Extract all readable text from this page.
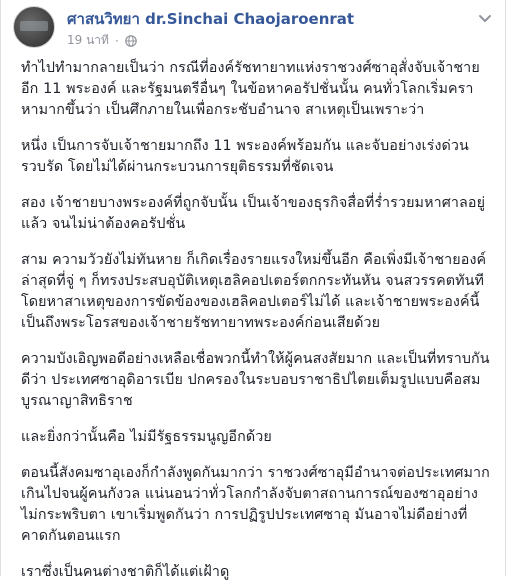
ศาสนวิทยา dr.Sinchai Chaojaroenrat
19 นาที ·

ทำไปทำมากลายเป็นว่า กรณีที่องค์รัชทายาทแห่งราชวงศ์ซาอุสั่งจับเจ้าชายอีก 11 พระองค์ และรัฐมนตรีอื่นๆ ในข้อหาคอรัปชั่นนั้น คนทั่วโลกเริ่มคราหามากขึ้นว่า เป็นศึกภายในเพื่อกระชับอำนาจ สาเหตุเป็นเพราะว่า

หนึ่ง เป็นการจับเจ้าชายมากถึง 11 พระองค์พร้อมกัน และจับอย่างเร่งด่วนรวบรัด โดยไม่ได้ผ่านกระบวนการยุติธรรมที่ชัดเจน

สอง เจ้าชายบางพระองค์ที่ถูกจับนั้น เป็นเจ้าของธุรกิจสื่อที่ร่ำรวยมหาศาลอยู่แล้ว จนไม่น่าต้องคอรัปชั่น

สาม ความวัวยังไม่ทันหาย ก็เกิดเรื่องรายแรงใหม่ขึ้นอีก คือเพิ่งมีเจ้าชายองค์ล่าสุดที่จู่ ๆ ก็ทรงประสบอุบัติเหตุเฮลิคอปเตอร์ตกกระทันหัน จนสวรรคตทันที โดยหาสาเหตุของการขัดข้องของเฮลิคอปเตอร์ไม่ได้ และเจ้าชายพระองค์นี้เป็นถึงพระโอรสของเจ้าชายรัชทายาทพระองค์ก่อนเสียด้วย

ความบังเอิญพอดีอย่างเหลือเชื่อพวกนี้ทำให้ผู้คนสงสัยมาก และเป็นที่ทราบกันดีว่า ประเทศซาอุดิอารเบีย ปกครองในระบอบราชาธิปไตยเต็มรูปแบบคือสมบูรณาญาสิทธิราช

และยิ่งกว่านั้นคือ ไม่มีรัฐธรรมนูญอีกด้วย

ตอนนี้สังคมซาอุเองก็กำลังพูดกันมากว่า ราชวงศ์ซาอุมีอำนาจต่อประเทศมากเกินไปจนผู้คนกังวล แน่นอนว่าทั่วโลกกำลังจับตาสถานการณ์ของซาอุอย่างไม่กระพริบตา เขาเริ่มพูดกันว่า การปฏิรูปประเทศซาอุ มันอาจไม่ดีอย่างที่คาดกันตอนแรก

เราซึ่งเป็นคนต่างชาติก็ได้แต่เฝ้าดู
